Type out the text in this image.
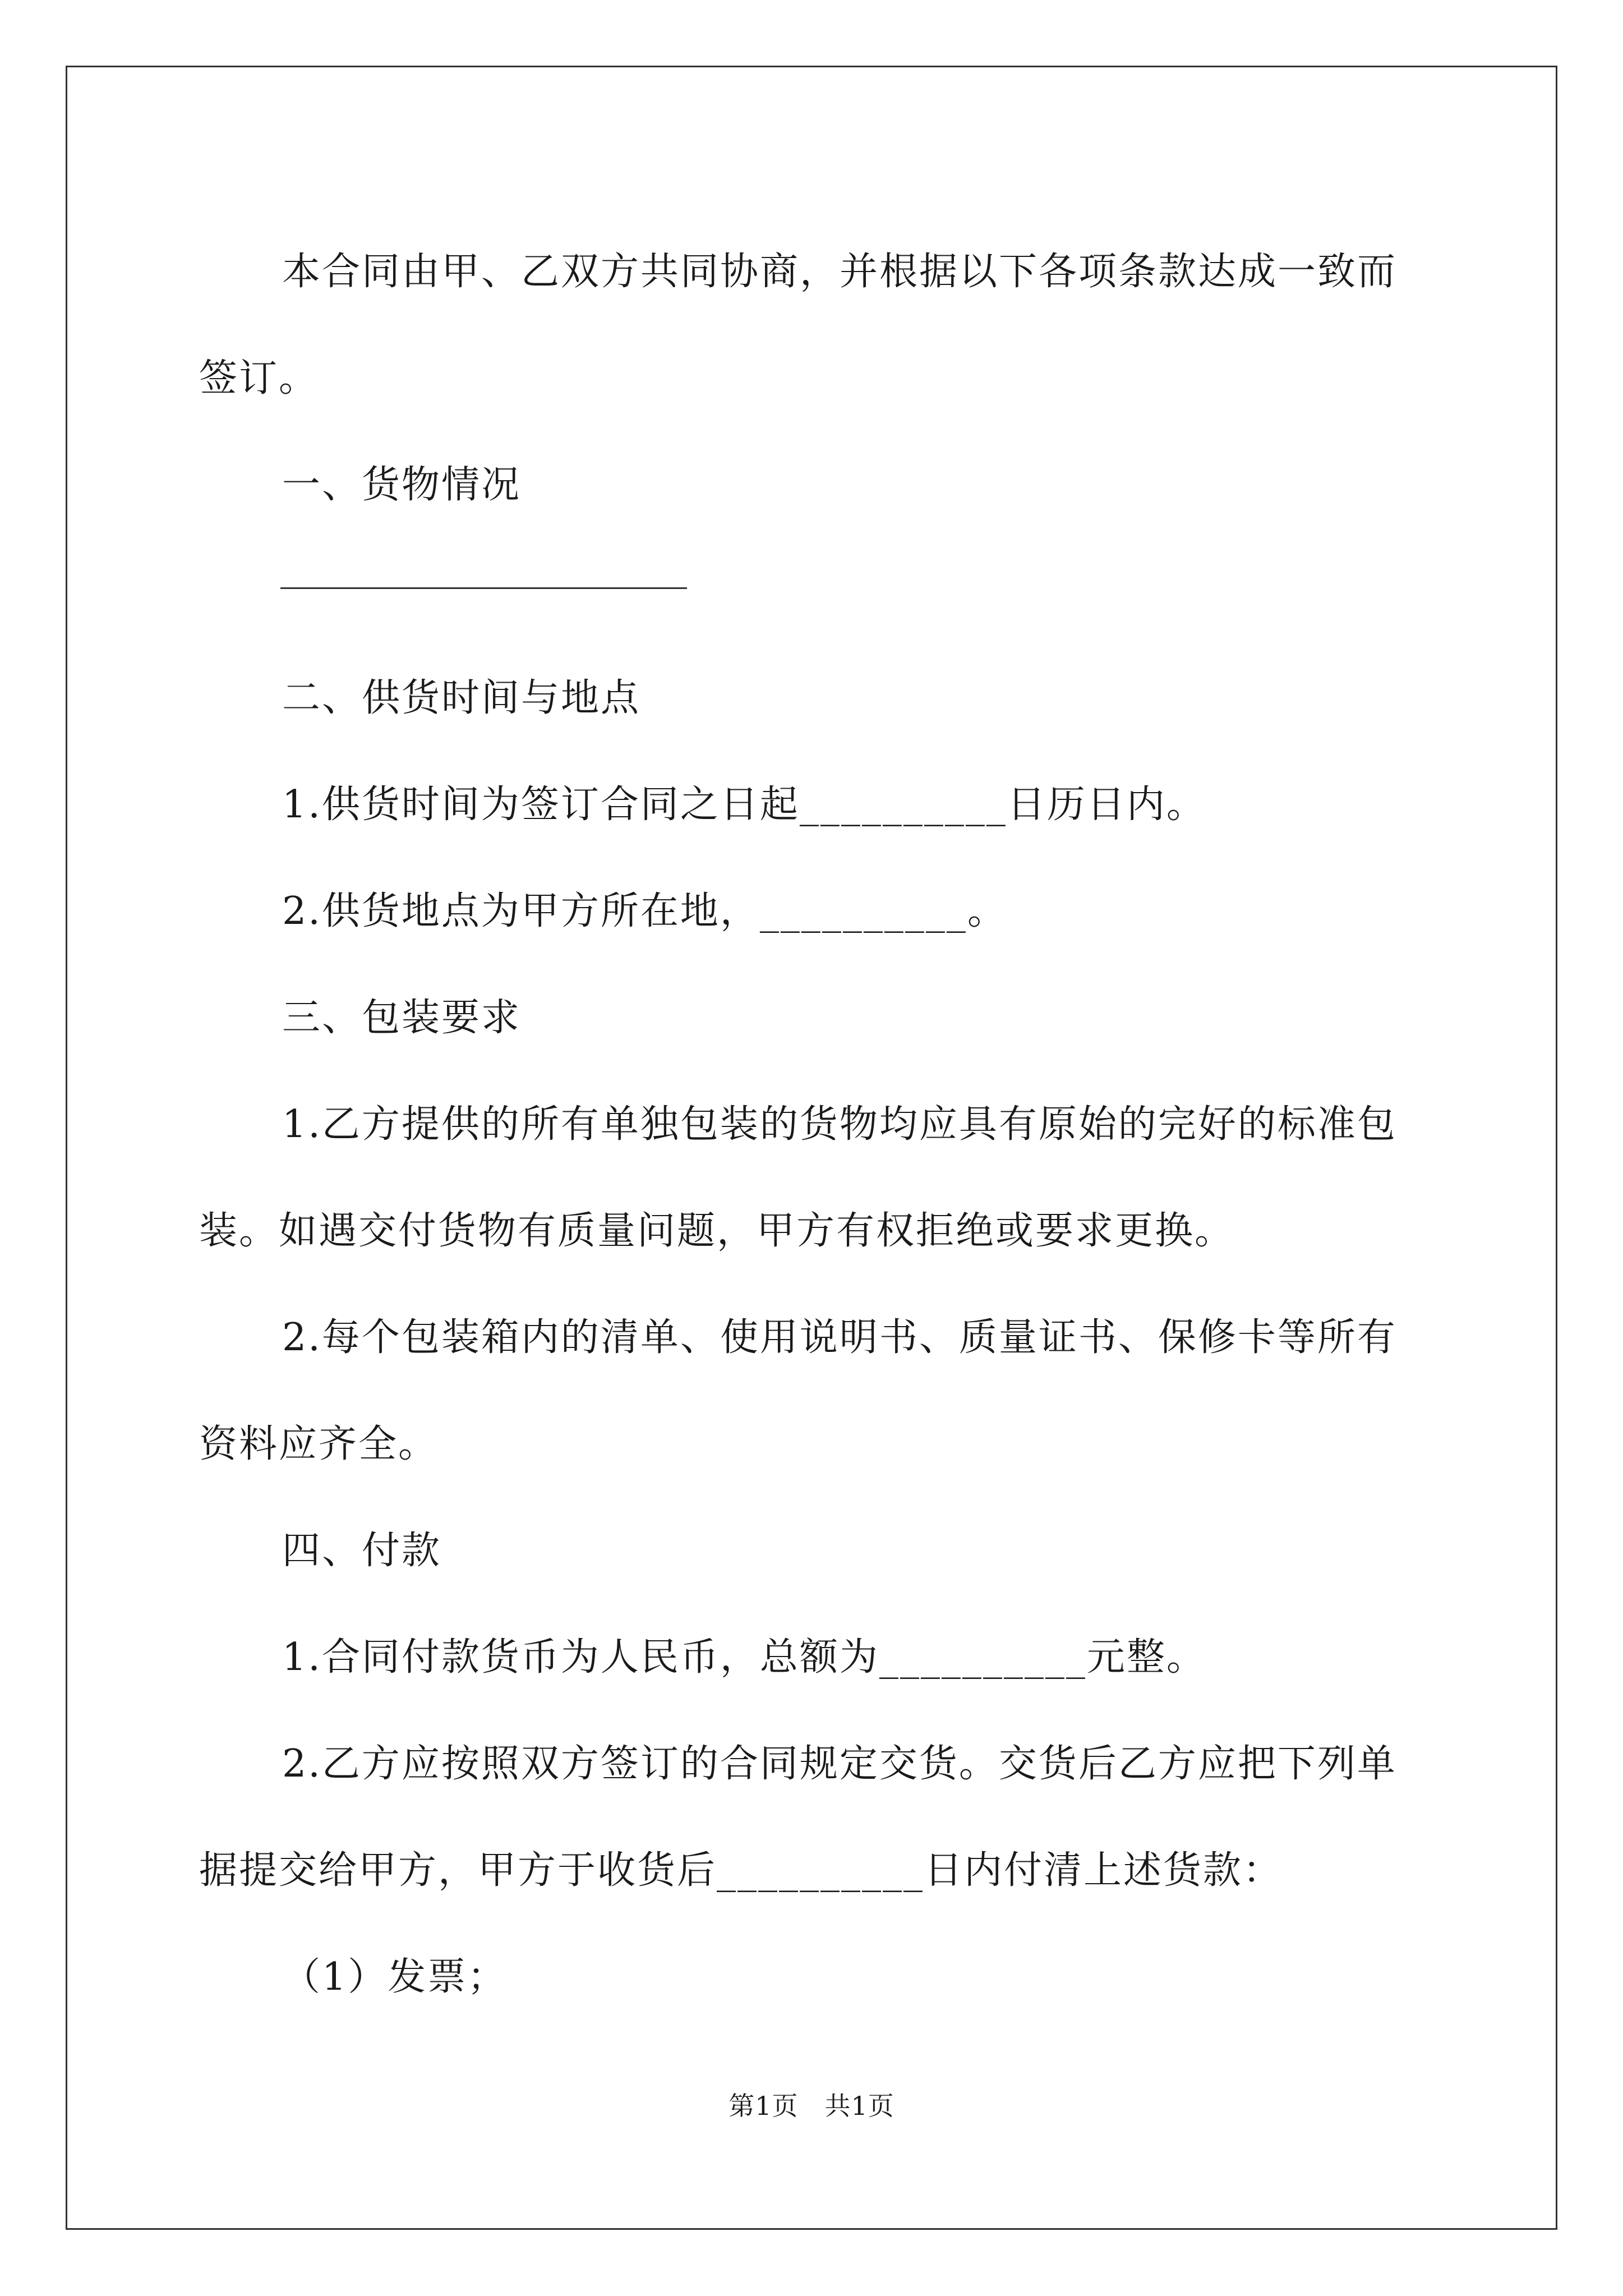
本合同由甲、乙双方共同协商，并根据以下各项条款达成一致而签订。

一、货物情况

二、供货时间与地点

1.供货时间为签订合同之日起__________日历日内。

2.供货地点为甲方所在地，__________。

三、包装要求

1.乙方提供的所有单独包装的货物均应具有原始的完好的标准包装。如遇交付货物有质量问题，甲方有权拒绝或要求更换。

2.每个包装箱内的清单、使用说明书、质量证书、保修卡等所有资料应齐全。

四、付款

1.合同付款货币为人民币，总额为__________元整。

2.乙方应按照双方签订的合同规定交货。交货后乙方应把下列单据提交给甲方，甲方于收货后__________日内付清上述货款：

（1）发票；

第1页　共1页
